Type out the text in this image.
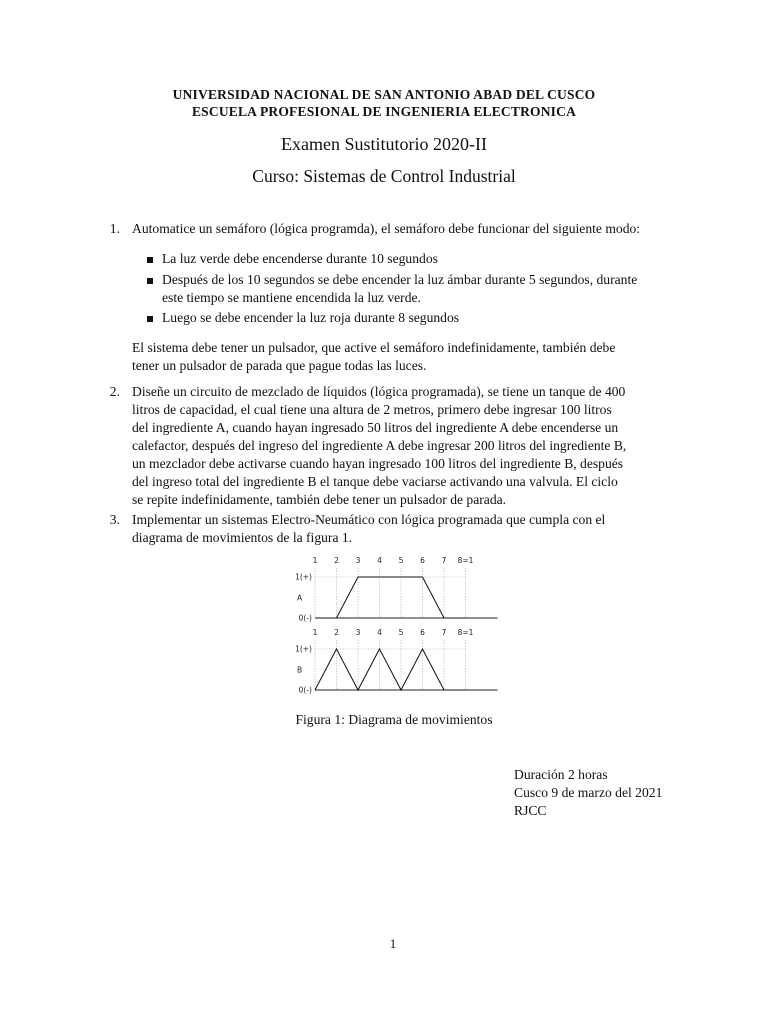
UNIVERSIDAD NACIONAL DE SAN ANTONIO ABAD DEL CUSCO
ESCUELA PROFESIONAL DE INGENIERIA ELECTRONICA
Examen Sustitutorio 2020-II
Curso: Sistemas de Control Industrial
1. Automatice un semáforo (lógica programda), el semáforo debe funcionar del siguiente modo:
La luz verde debe encenderse durante 10 segundos
Después de los 10 segundos se debe encender la luz ámbar durante 5 segundos, durante
este tiempo se mantiene encendida la luz verde.
Luego se debe encender la luz roja durante 8 segundos
El sistema debe tener un pulsador, que active el semáforo indefinidamente, también debe
tener un pulsador de parada que pague todas las luces.
2. Diseñe un circuito de mezclado de líquidos (lógica programada), se tiene un tanque de 400
litros de capacidad, el cual tiene una altura de 2 metros, primero debe ingresar 100 litros
del ingrediente A, cuando hayan ingresado 50 litros del ingrediente A debe encenderse un
calefactor, después del ingreso del ingrediente A debe ingresar 200 litros del ingrediente B,
un mezclador debe activarse cuando hayan ingresado 100 litros del ingrediente B, después
del ingreso total del ingrediente B el tanque debe vaciarse activando una valvula. El ciclo
se repite indefinidamente, también debe tener un pulsador de parada.
3. Implementar un sistemas Electro-Neumático con lógica programada que cumpla con el
diagrama de movimientos de la figura 1.
1 2 3 4 5 6 7 8=1
1(+)
0(-)
A
1 2 3 4 5 6 7 8=1
1(+)
0(-)
B
Figura 1: Diagrama de movimientos
Duración 2 horas
Cusco 9 de marzo del 2021
RJCC
1
